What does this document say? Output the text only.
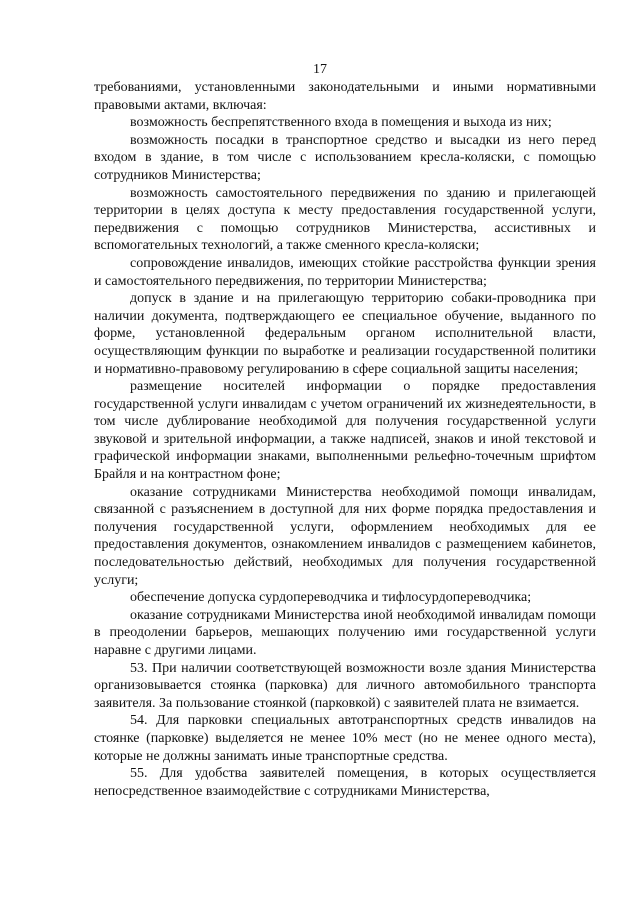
17

требованиями, установленными законодательными и иными нормативными правовыми актами, включая:

возможность беспрепятственного входа в помещения и выхода из них;

возможность посадки в транспортное средство и высадки из него перед входом в здание, в том числе с использованием кресла-коляски, с помощью сотрудников Министерства;

возможность самостоятельного передвижения по зданию и прилегающей территории в целях доступа к месту предоставления государственной услуги, передвижения с помощью сотрудников Министерства, ассистивных и вспомогательных технологий, а также сменного кресла-коляски;

сопровождение инвалидов, имеющих стойкие расстройства функции зрения и самостоятельного передвижения, по территории Министерства;

допуск в здание и на прилегающую территорию собаки-проводника при наличии документа, подтверждающего ее специальное обучение, выданного по форме, установленной федеральным органом исполнительной власти, осуществляющим функции по выработке и реализации государственной политики и нормативно-правовому регулированию в сфере социальной защиты населения;

размещение носителей информации о порядке предоставления государственной услуги инвалидам с учетом ограничений их жизнедеятельности, в том числе дублирование необходимой для получения государственной услуги звуковой и зрительной информации, а также надписей, знаков и иной текстовой и графической информации знаками, выполненными рельефно-точечным шрифтом Брайля и на контрастном фоне;

оказание сотрудниками Министерства необходимой помощи инвалидам, связанной с разъяснением в доступной для них форме порядка предоставления и получения государственной услуги, оформлением необходимых для ее предоставления документов, ознакомлением инвалидов с размещением кабинетов, последовательностью действий, необходимых для получения государственной услуги;

обеспечение допуска сурдопереводчика и тифлосурдопереводчика;

оказание сотрудниками Министерства иной необходимой инвалидам помощи в преодолении барьеров, мешающих получению ими государственной услуги наравне с другими лицами.

53. При наличии соответствующей возможности возле здания Министерства организовывается стоянка (парковка) для личного автомобильного транспорта заявителя. За пользование стоянкой (парковкой) с заявителей плата не взимается.

54. Для парковки специальных автотранспортных средств инвалидов на стоянке (парковке) выделяется не менее 10% мест (но не менее одного места), которые не должны занимать иные транспортные средства.

55. Для удобства заявителей помещения, в которых осуществляется непосредственное взаимодействие с сотрудниками Министерства,
